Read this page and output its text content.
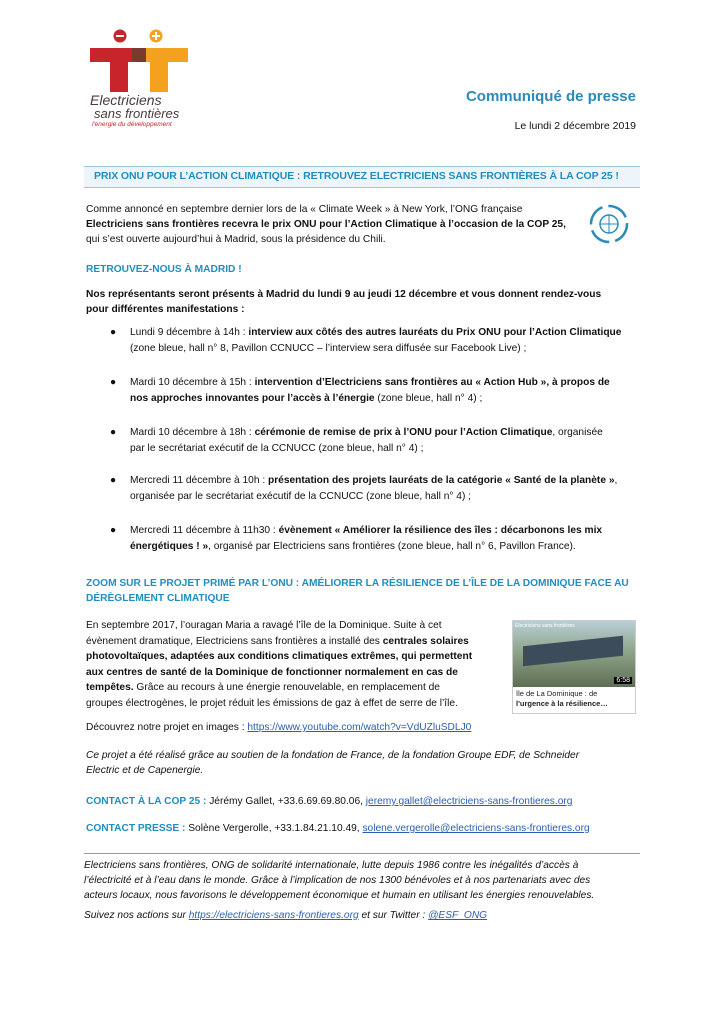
Electriciens
sans frontières
l'énergie du développement
Communiqué de presse
Le lundi 2 décembre 2019
PRIX ONU POUR L’ACTION CLIMATIQUE : RETROUVEZ ELECTRICIENS SANS FRONTIÈRES À LA COP 25 !
Comme annoncé en septembre dernier lors de la « Climate Week » à New York, l’ONG française
Electriciens sans frontières recevra le prix ONU pour l’Action Climatique à l’occasion de la COP 25,
qui s’est ouverte aujourd’hui à Madrid, sous la présidence du Chili.
RETROUVEZ-NOUS À MADRID !
Nos représentants seront présents à Madrid du lundi 9 au jeudi 12 décembre et vous donnent rendez-vous
pour différentes manifestations :
● Lundi 9 décembre à 14h : interview aux côtés des autres lauréats du Prix ONU pour l’Action Climatique
(zone bleue, hall n° 8, Pavillon CCNUCC – l’interview sera diffusée sur Facebook Live) ;
● Mardi 10 décembre à 15h : intervention d’Electriciens sans frontières au « Action Hub », à propos de
nos approches innovantes pour l’accès à l’énergie (zone bleue, hall n° 4) ;
● Mardi 10 décembre à 18h : cérémonie de remise de prix à l’ONU pour l’Action Climatique, organisée
par le secrétariat exécutif de la CCNUCC (zone bleue, hall n° 4) ;
● Mercredi 11 décembre à 10h : présentation des projets lauréats de la catégorie « Santé de la planète »,
organisée par le secrétariat exécutif de la CCNUCC (zone bleue, hall n° 4) ;
● Mercredi 11 décembre à 11h30 : évènement « Améliorer la résilience des îles : décarbonons les mix
énergétiques ! », organisé par Electriciens sans frontières (zone bleue, hall n° 6, Pavillon France).
ZOOM SUR LE PROJET PRIMÉ PAR L’ONU : AMÉLIORER LA RÉSILIENCE DE L’ÎLE DE LA DOMINIQUE FACE AU
DÉRÈGLEMENT CLIMATIQUE
En septembre 2017, l’ouragan Maria a ravagé l’île de la Dominique. Suite à cet
évènement dramatique, Electriciens sans frontières a installé des centrales solaires
photovoltaïques, adaptées aux conditions climatiques extrêmes, qui permettent
aux centres de santé de la Dominique de fonctionner normalement en cas de
tempêtes. Grâce au recours à une énergie renouvelable, en remplacement de
groupes électrogènes, le projet réduit les émissions de gaz à effet de serre de l’île.
Electriciens sans frontières
6:58
île de La Dominique : de
l'urgence à la résilience…
Découvrez notre projet en images : https://www.youtube.com/watch?v=VdUZluSDLJ0
Ce projet a été réalisé grâce au soutien de la fondation de France, de la fondation Groupe EDF, de Schneider
Electric et de Capenergie.
CONTACT À LA COP 25 : Jérémy Gallet, +33.6.69.69.80.06, jeremy.gallet@electriciens-sans-frontieres.org
CONTACT PRESSE : Solène Vergerolle, +33.1.84.21.10.49, solene.vergerolle@electriciens-sans-frontieres.org
Electriciens sans frontières, ONG de solidarité internationale, lutte depuis 1986 contre les inégalités d’accès à
l’électricité et à l’eau dans le monde. Grâce à l’implication de nos 1300 bénévoles et à nos partenariats avec des
acteurs locaux, nous favorisons le développement économique et humain en utilisant les énergies renouvelables.
Suivez nos actions sur https://electriciens-sans-frontieres.org et sur Twitter : @ESF_ONG
